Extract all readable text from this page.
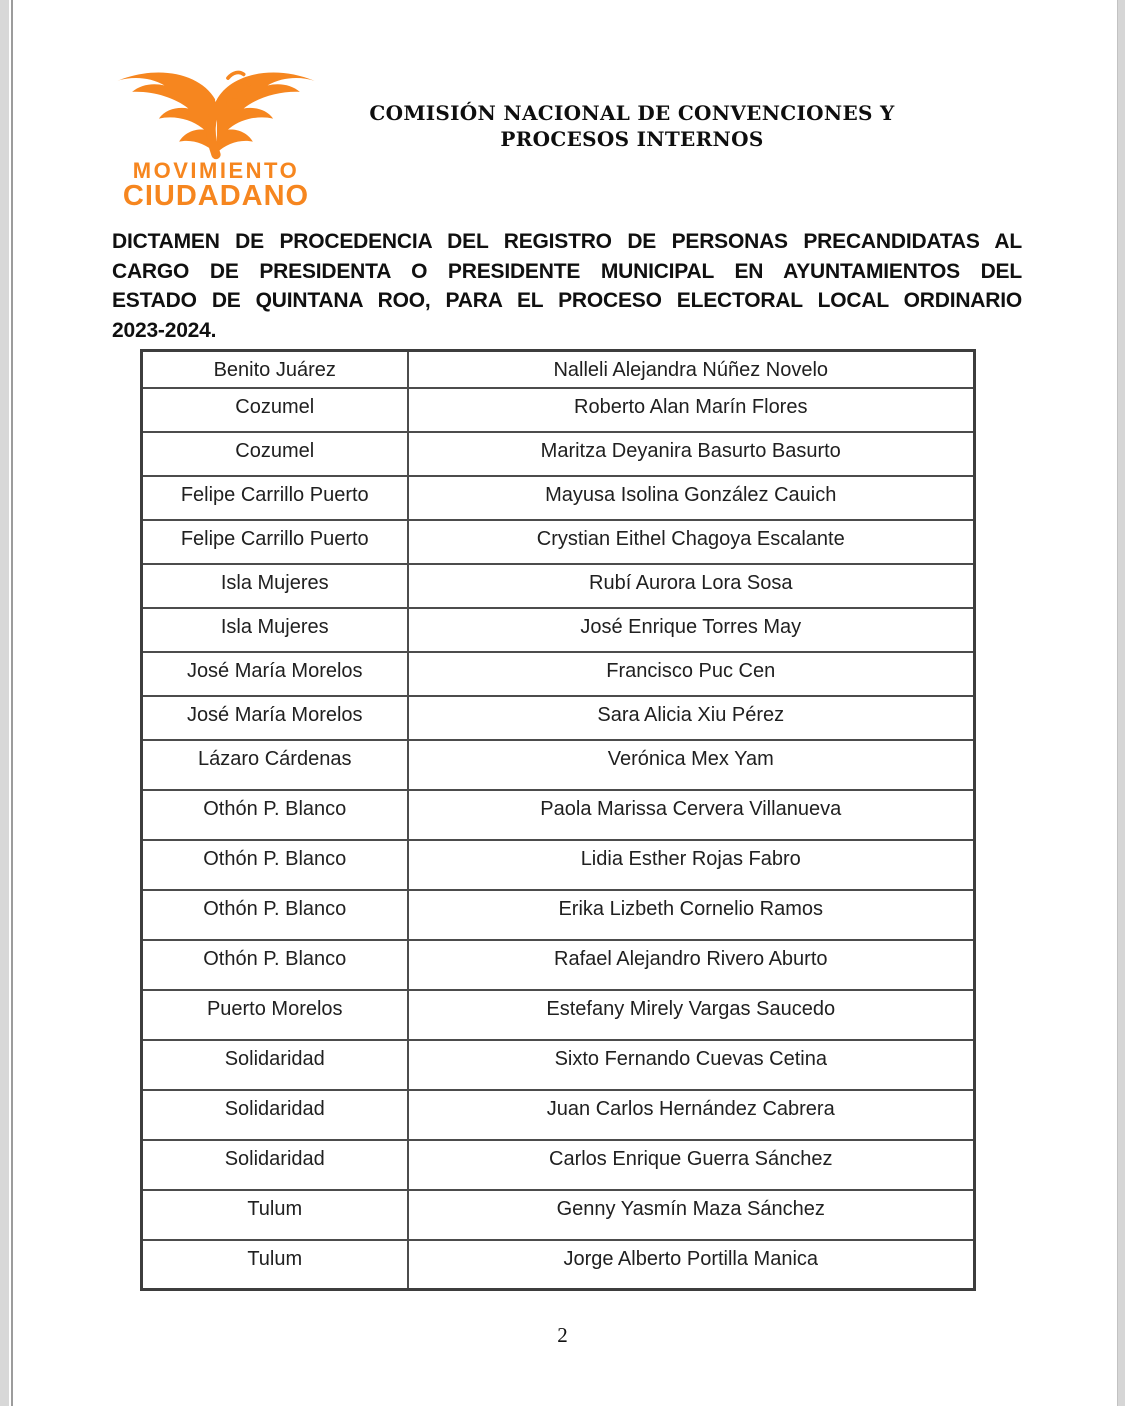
MOVIMIENTO
CIUDADANO
COMISIÓN NACIONAL DE CONVENCIONES Y
PROCESOS INTERNOS
DICTAMEN DE PROCEDENCIA DEL REGISTRO DE PERSONAS PRECANDIDATAS AL
CARGO DE PRESIDENTA O PRESIDENTE MUNICIPAL EN AYUNTAMIENTOS DEL
ESTADO DE QUINTANA ROO, PARA EL PROCESO ELECTORAL LOCAL ORDINARIO
2023-2024.
Benito Juárez	Nalleli Alejandra Núñez Novelo
Cozumel	Roberto Alan Marín Flores
Cozumel	Maritza Deyanira Basurto Basurto
Felipe Carrillo Puerto	Mayusa Isolina González Cauich
Felipe Carrillo Puerto	Crystian Eithel Chagoya Escalante
Isla Mujeres	Rubí Aurora Lora Sosa
Isla Mujeres	José Enrique Torres May
José María Morelos	Francisco Puc Cen
José María Morelos	Sara Alicia Xiu Pérez
Lázaro Cárdenas	Verónica Mex Yam
Othón P. Blanco	Paola Marissa Cervera Villanueva
Othón P. Blanco	Lidia Esther Rojas Fabro
Othón P. Blanco	Erika Lizbeth Cornelio Ramos
Othón P. Blanco	Rafael Alejandro Rivero Aburto
Puerto Morelos	Estefany Mirely Vargas Saucedo
Solidaridad	Sixto Fernando Cuevas Cetina
Solidaridad	Juan Carlos Hernández Cabrera
Solidaridad	Carlos Enrique Guerra Sánchez
Tulum	Genny Yasmín Maza Sánchez
Tulum	Jorge Alberto Portilla Manica
2
